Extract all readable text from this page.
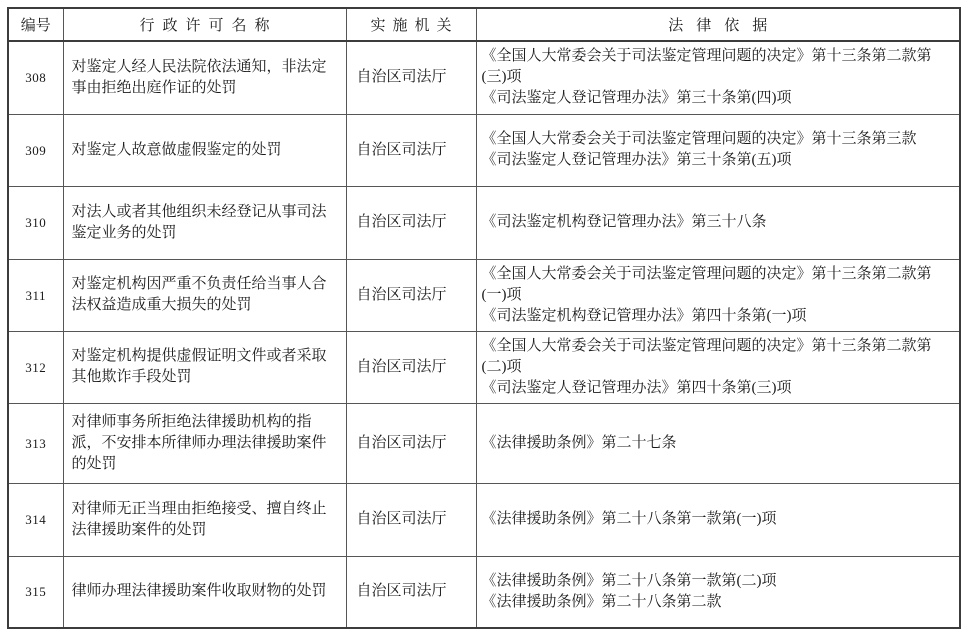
编号	行政许可名称	实施机关	法律依据
308	对鉴定人经人民法院依法通知，非法定事由拒绝出庭作证的处罚	自治区司法厅	《全国人大常委会关于司法鉴定管理问题的决定》第十三条第二款第(三)项
《司法鉴定人登记管理办法》第三十条第(四)项

309	对鉴定人故意做虚假鉴定的处罚	自治区司法厅	《全国人大常委会关于司法鉴定管理问题的决定》第十三条第三款
《司法鉴定人登记管理办法》第三十条第(五)项

310	对法人或者其他组织未经登记从事司法鉴定业务的处罚	自治区司法厅	《司法鉴定机构登记管理办法》第三十八条

311	对鉴定机构因严重不负责任给当事人合法权益造成重大损失的处罚	自治区司法厅	《全国人大常委会关于司法鉴定管理问题的决定》第十三条第二款第(一)项
《司法鉴定机构登记管理办法》第四十条第(一)项

312	对鉴定机构提供虚假证明文件或者采取其他欺诈手段处罚	自治区司法厅	《全国人大常委会关于司法鉴定管理问题的决定》第十三条第二款第(二)项
《司法鉴定人登记管理办法》第四十条第(三)项

313	对律师事务所拒绝法律援助机构的指派，不安排本所律师办理法律援助案件的处罚	自治区司法厅	《法律援助条例》第二十七条

314	对律师无正当理由拒绝接受、擅自终止法律援助案件的处罚	自治区司法厅	《法律援助条例》第二十八条第一款第(一)项

315	律师办理法律援助案件收取财物的处罚	自治区司法厅	《法律援助条例》第二十八条第一款第(二)项
《法律援助条例》第二十八条第二款
